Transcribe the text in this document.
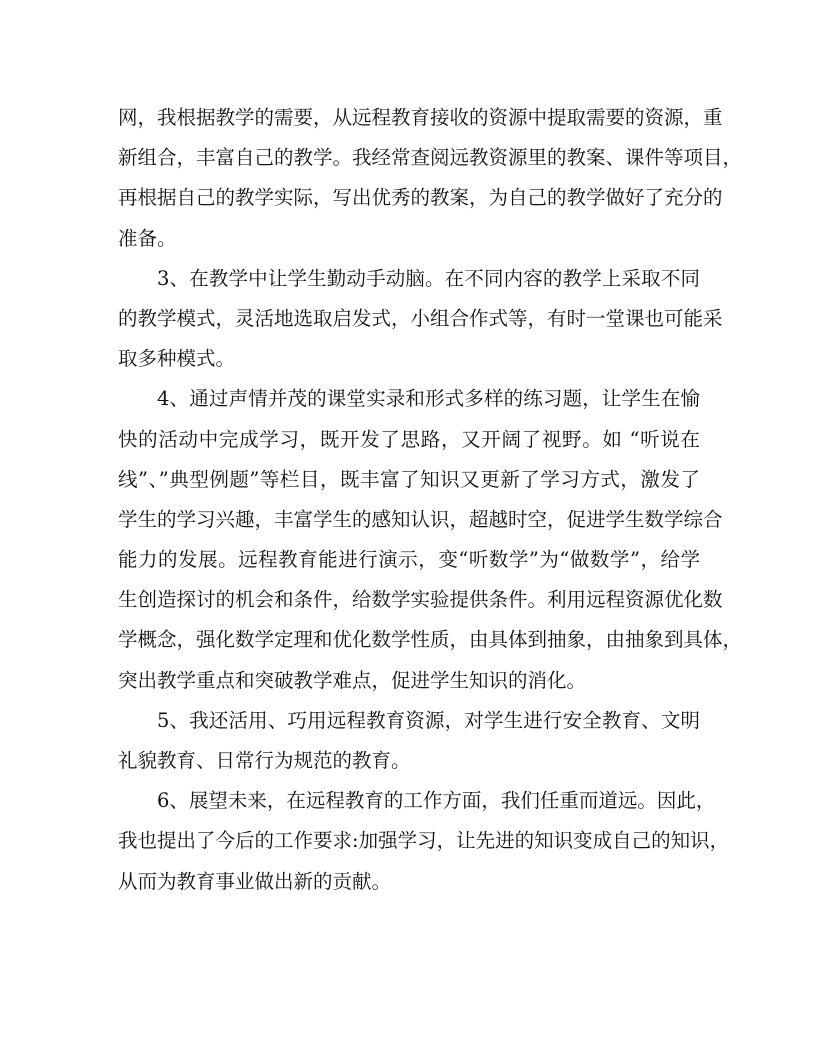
网，我根据教学的需要，从远程教育接收的资源中提取需要的资源，重
新组合，丰富自己的教学。我经常查阅远教资源里的教案、课件等项目，
再根据自己的教学实际，写出优秀的教案，为自己的教学做好了充分的
准备。
3、在教学中让学生勤动手动脑。在不同内容的教学上采取不同
的教学模式，灵活地选取启发式，小组合作式等，有时一堂课也可能采
取多种模式。
4、通过声情并茂的课堂实录和形式多样的练习题，让学生在愉
快的活动中完成学习，既开发了思路，又开阔了视野。如 “听说在
线”、”典型例题”等栏目，既丰富了知识又更新了学习方式，激发了
学生的学习兴趣，丰富学生的感知认识，超越时空，促进学生数学综合
能力的发展。远程教育能进行演示，变“听数学”为“做数学”，给学
生创造探讨的机会和条件，给数学实验提供条件。利用远程资源优化数
学概念，强化数学定理和优化数学性质，由具体到抽象，由抽象到具体，
突出教学重点和突破教学难点，促进学生知识的消化。
5、我还活用、巧用远程教育资源，对学生进行安全教育、文明
礼貌教育、日常行为规范的教育。
6、展望未来，在远程教育的工作方面，我们任重而道远。因此，
我也提出了今后的工作要求:加强学习，让先进的知识变成自己的知识，
从而为教育事业做出新的贡献。
